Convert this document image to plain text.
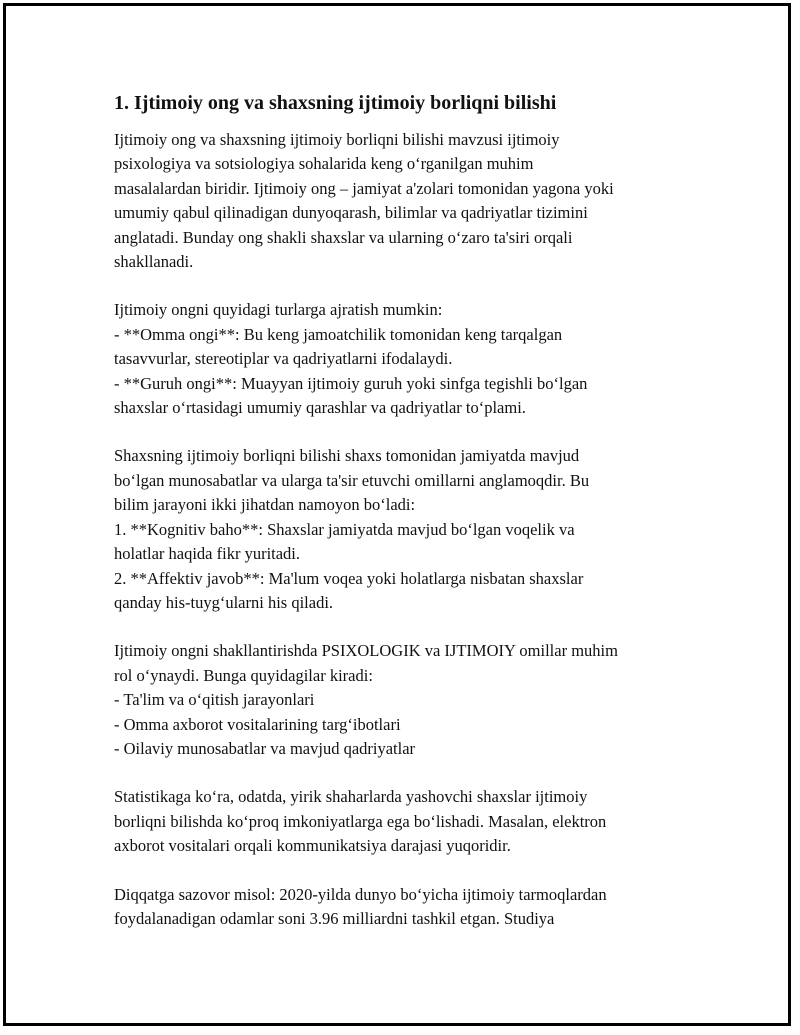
1. Ijtimoiy ong va shaxsning ijtimoiy borliqni bilishi
Ijtimoiy ong va shaxsning ijtimoiy borliqni bilishi mavzusi ijtimoiy
psixologiya va sotsiologiya sohalarida keng o‘rganilgan muhim
masalalardan biridir. Ijtimoiy ong – jamiyat a'zolari tomonidan yagona yoki
umumiy qabul qilinadigan dunyoqarash, bilimlar va qadriyatlar tizimini
anglatadi. Bunday ong shakli shaxslar va ularning o‘zaro ta'siri orqali
shakllanadi.
Ijtimoiy ongni quyidagi turlarga ajratish mumkin:
- **Omma ongi**: Bu keng jamoatchilik tomonidan keng tarqalgan
tasavvurlar, stereotiplar va qadriyatlarni ifodalaydi.
- **Guruh ongi**: Muayyan ijtimoiy guruh yoki sinfga tegishli bo‘lgan
shaxslar o‘rtasidagi umumiy qarashlar va qadriyatlar to‘plami.
Shaxsning ijtimoiy borliqni bilishi shaxs tomonidan jamiyatda mavjud
bo‘lgan munosabatlar va ularga ta'sir etuvchi omillarni anglamoqdir. Bu
bilim jarayoni ikki jihatdan namoyon bo‘ladi:
1. **Kognitiv baho**: Shaxslar jamiyatda mavjud bo‘lgan voqelik va
holatlar haqida fikr yuritadi.
2. **Affektiv javob**: Ma'lum voqea yoki holatlarga nisbatan shaxslar
qanday his-tuyg‘ularni his qiladi.
Ijtimoiy ongni shakllantirishda PSIXOLOGIK va IJTIMOIY omillar muhim
rol o‘ynaydi. Bunga quyidagilar kiradi:
- Ta'lim va o‘qitish jarayonlari
- Omma axborot vositalarining targ‘ibotlari
- Oilaviy munosabatlar va mavjud qadriyatlar
Statistikaga ko‘ra, odatda, yirik shaharlarda yashovchi shaxslar ijtimoiy
borliqni bilishda ko‘proq imkoniyatlarga ega bo‘lishadi. Masalan, elektron
axborot vositalari orqali kommunikatsiya darajasi yuqoridir.
Diqqatga sazovor misol: 2020-yilda dunyo bo‘yicha ijtimoiy tarmoqlardan
foydalanadigan odamlar soni 3.96 milliardni tashkil etgan. Studiya
